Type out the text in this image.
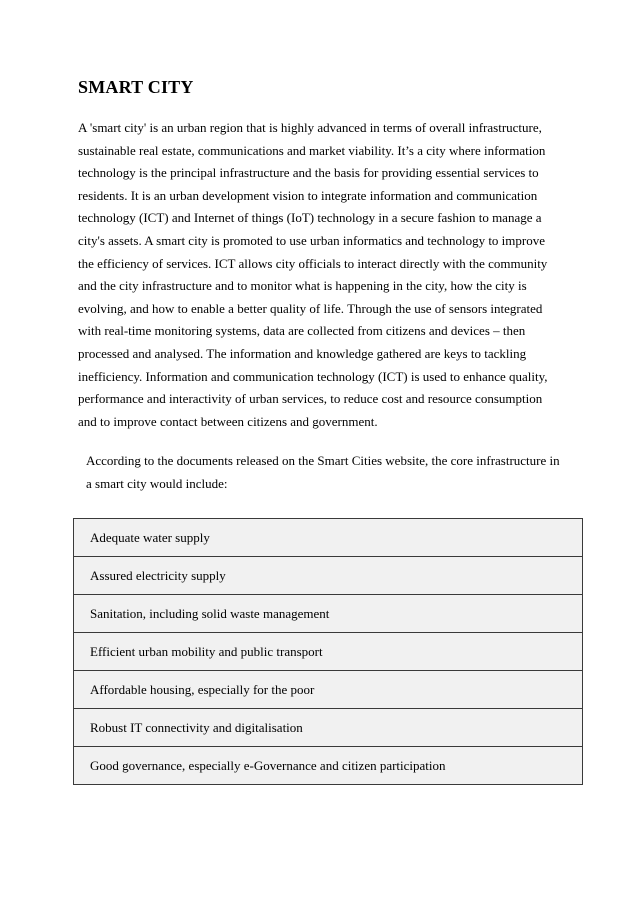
SMART CITY

A 'smart city' is an urban region that is highly advanced in terms of overall infrastructure, sustainable real estate, communications and market viability. It’s a city where information technology is the principal infrastructure and the basis for providing essential services to residents. It is an urban development vision to integrate information and communication technology (ICT) and Internet of things (IoT) technology in a secure fashion to manage a city's assets. A smart city is promoted to use urban informatics and technology to improve the efficiency of services. ICT allows city officials to interact directly with the community and the city infrastructure and to monitor what is happening in the city, how the city is evolving, and how to enable a better quality of life. Through the use of sensors integrated with real-time monitoring systems, data are collected from citizens and devices – then processed and analysed. The information and knowledge gathered are keys to tackling inefficiency. Information and communication technology (ICT) is used to enhance quality, performance and interactivity of urban services, to reduce cost and resource consumption and to improve contact between citizens and government.

According to the documents released on the Smart Cities website, the core infrastructure in a smart city would include:

Adequate water supply
Assured electricity supply
Sanitation, including solid waste management
Efficient urban mobility and public transport
Affordable housing, especially for the poor
Robust IT connectivity and digitalisation
Good governance, especially e-Governance and citizen participation
